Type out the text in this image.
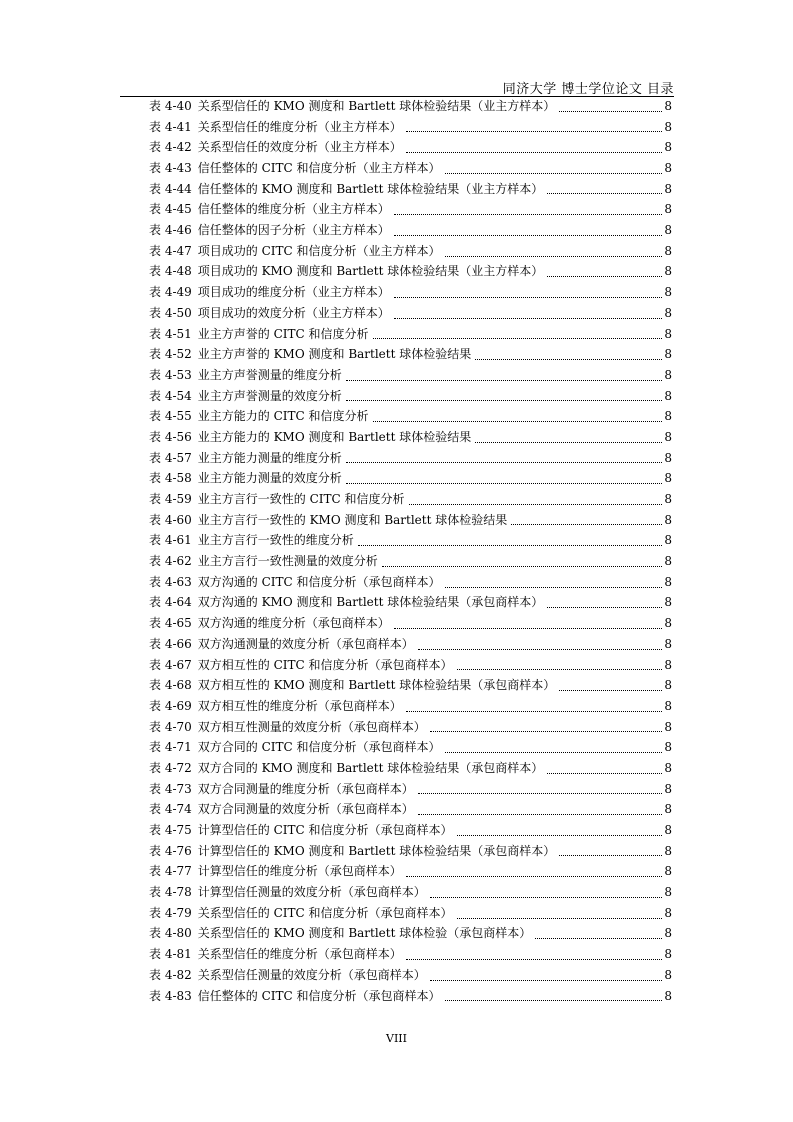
同济大学 博士学位论文 目录
表 4-40 关系型信任的 KMO 测度和 Bartlett 球体检验结果（业主方样本）	8
表 4-41 关系型信任的维度分析（业主方样本）	8
表 4-42 关系型信任的效度分析（业主方样本）	8
表 4-43 信任整体的 CITC 和信度分析（业主方样本）	8
表 4-44 信任整体的 KMO 测度和 Bartlett 球体检验结果（业主方样本）	8
表 4-45 信任整体的维度分析（业主方样本）	8
表 4-46 信任整体的因子分析（业主方样本）	8
表 4-47 项目成功的 CITC 和信度分析（业主方样本）	8
表 4-48 项目成功的 KMO 测度和 Bartlett 球体检验结果（业主方样本）	8
表 4-49 项目成功的维度分析（业主方样本）	8
表 4-50 项目成功的效度分析（业主方样本）	8
表 4-51 业主方声誉的 CITC 和信度分析	8
表 4-52 业主方声誉的 KMO 测度和 Bartlett 球体检验结果	8
表 4-53 业主方声誉测量的维度分析	8
表 4-54 业主方声誉测量的效度分析	8
表 4-55 业主方能力的 CITC 和信度分析	8
表 4-56 业主方能力的 KMO 测度和 Bartlett 球体检验结果	8
表 4-57 业主方能力测量的维度分析	8
表 4-58 业主方能力测量的效度分析	8
表 4-59 业主方言行一致性的 CITC 和信度分析	8
表 4-60 业主方言行一致性的 KMO 测度和 Bartlett 球体检验结果	8
表 4-61 业主方言行一致性的维度分析	8
表 4-62 业主方言行一致性测量的效度分析	8
表 4-63 双方沟通的 CITC 和信度分析（承包商样本）	8
表 4-64 双方沟通的 KMO 测度和 Bartlett 球体检验结果（承包商样本）	8
表 4-65 双方沟通的维度分析（承包商样本）	8
表 4-66 双方沟通测量的效度分析（承包商样本）	8
表 4-67 双方相互性的 CITC 和信度分析（承包商样本）	8
表 4-68 双方相互性的 KMO 测度和 Bartlett 球体检验结果（承包商样本）	8
表 4-69 双方相互性的维度分析（承包商样本）	8
表 4-70 双方相互性测量的效度分析（承包商样本）	8
表 4-71 双方合同的 CITC 和信度分析（承包商样本）	8
表 4-72 双方合同的 KMO 测度和 Bartlett 球体检验结果（承包商样本）	8
表 4-73 双方合同测量的维度分析（承包商样本）	8
表 4-74 双方合同测量的效度分析（承包商样本）	8
表 4-75 计算型信任的 CITC 和信度分析（承包商样本）	8
表 4-76 计算型信任的 KMO 测度和 Bartlett 球体检验结果（承包商样本）	8
表 4-77 计算型信任的维度分析（承包商样本）	8
表 4-78 计算型信任测量的效度分析（承包商样本）	8
表 4-79 关系型信任的 CITC 和信度分析（承包商样本）	8
表 4-80 关系型信任的 KMO 测度和 Bartlett 球体检验（承包商样本）	8
表 4-81 关系型信任的维度分析（承包商样本）	8
表 4-82 关系型信任测量的效度分析（承包商样本）	8
表 4-83 信任整体的 CITC 和信度分析（承包商样本）	8
VIII
